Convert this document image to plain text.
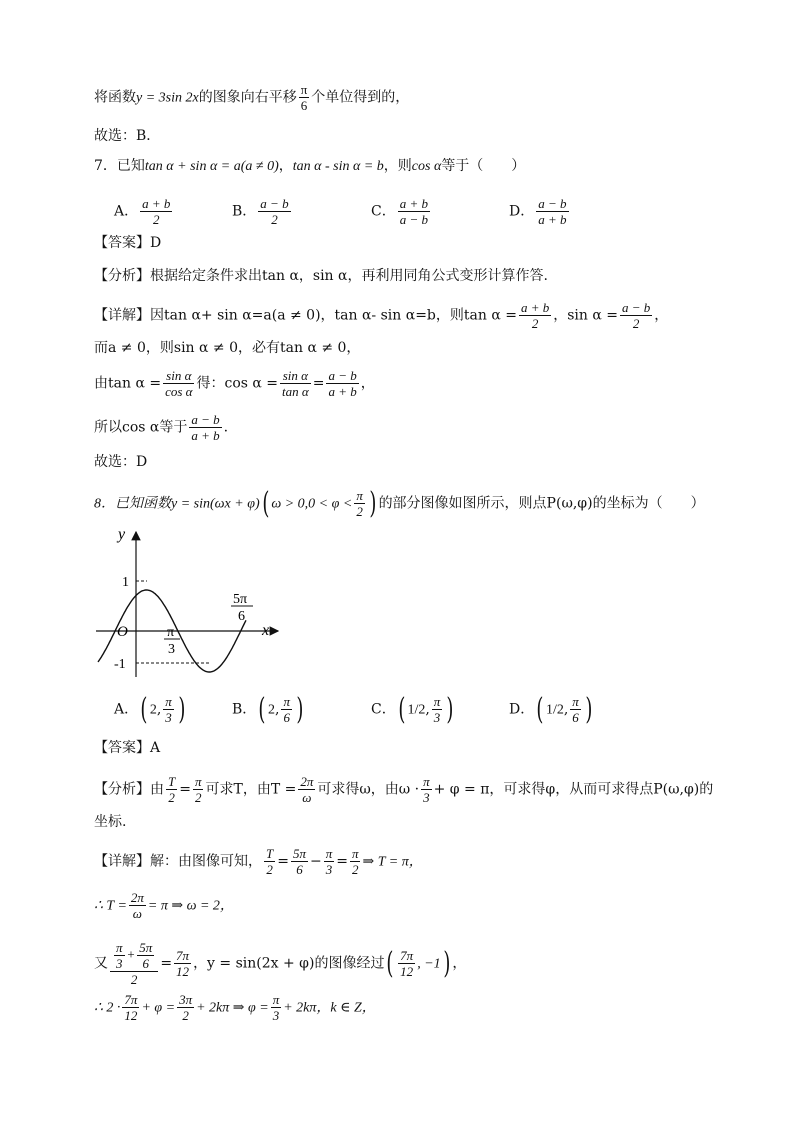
将函数y = 3sin 2x的图象向右平移 $\frac{\pi}{6}$ 个单位得到的，
故选：B．
7．已知tan α + sin α = a(a ≠ 0)，tan α - sin α = b，则cos α等于（　　）
A． $\frac{a + b}{2}$	B． $\frac{a - b}{2}$	C． $\frac{a + b}{a - b}$	D． $\frac{a - b}{a + b}$
【答案】D
【分析】根据给定条件求出tan α，sin α，再利用同角公式变形计算作答.
【详解】因tan α+ sin α=a(a ≠ 0)，tan α- sin α=b，则$\tan \alpha = \frac{a + b}{2}$ ，$\sin \alpha = \frac{a - b}{2}$ ，
而a ≠ 0，则sin α ≠ 0，必有tan α ≠ 0，
由$\tan \alpha = \frac{\text{sin α}}{\text{cos α}}$ 得：$\cos \alpha = \frac{\text{sin α}}{\text{tan α}} = \frac{a - b}{a + b}$ ，
所以cos α等于 $\frac{a - b}{a + b}$ .
故选：D
8．已知函数y = sin(ωx + φ)( $\omega > 0,0 < \varphi < \frac{\pi}{2}$ ) 的部分图像如图所示，则点P(ω,φ)的坐标为（　　）
y
x
O
1
-1
π
3
5π
6
A．( 2, $\frac{\pi}{3}$ )	B．( 2, $\frac{\pi}{6}$ )	C．( 1/2, $\frac{\pi}{3}$ )	D．( 1/2, $\frac{\pi}{6}$ )
【答案】A
【分析】由 $\frac{T}{2} = \frac{\pi}{2}$ 可求T，由$T = \frac{2\pi}{\omega}$ 可求得ω，由$\omega \cdot \frac{\pi}{3} + \varphi = \pi$，可求得φ，从而可求得点P(ω,φ)的
坐标.
【详解】解：由图像可知， $\frac{T}{2} = \frac{5\pi}{6} - \frac{\pi}{3} = \frac{\pi}{2}$ ⇒ T = π，
∴ $T = \frac{2\pi}{\omega} = \pi$ ⇒ ω = 2，
又 $\frac{\frac{\pi}{3} + \frac{5\pi}{6}}{2} = \frac{7\pi}{12}$ ，y = sin(2x + φ)的图像经过( $\frac{7\pi}{12}$ , −1) ，
∴ $2 \cdot \frac{7\pi}{12} + \varphi = \frac{3\pi}{2} + 2k\pi$ ⇒ $\varphi = \frac{\pi}{3} + 2k\pi$，k ∈ Z，
